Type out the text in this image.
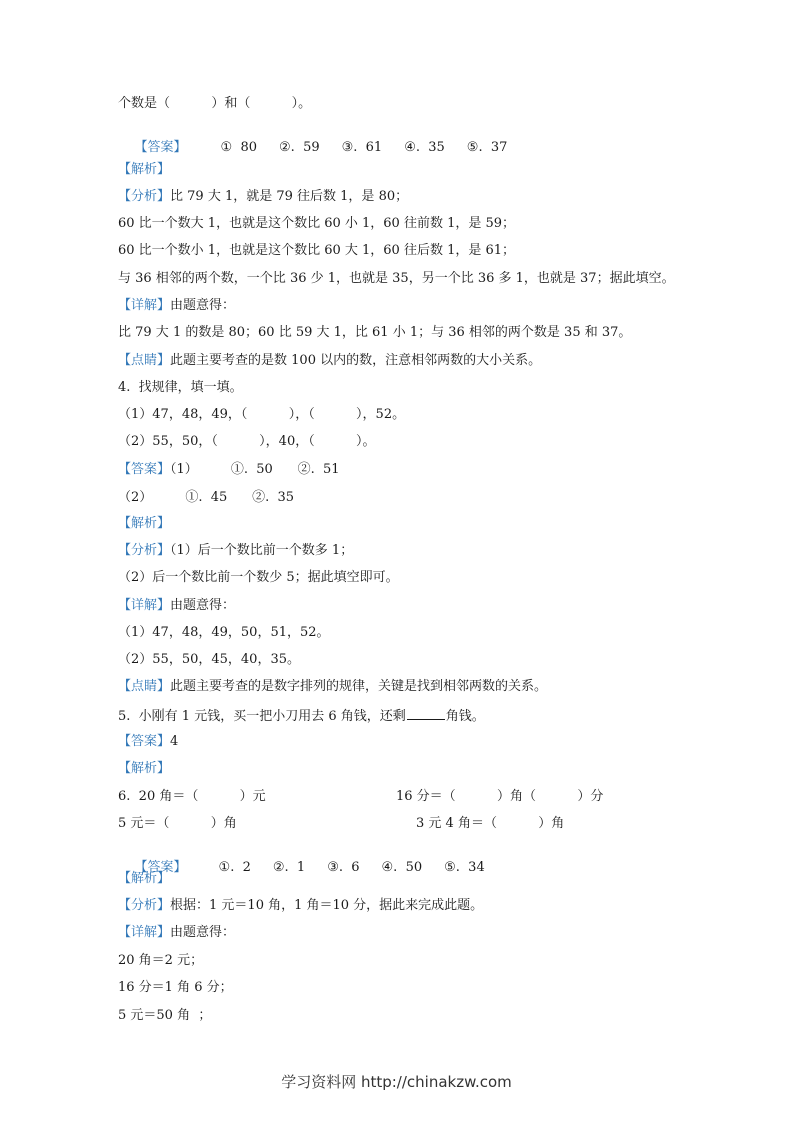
个数是（          ）和（          ）。

【答案】	①  80 ②.  59 ③.  61 ④.  35 ⑤.  37

【解析】
【分析】比 79 大 1，就是 79 往后数 1，是 80；
60 比一个数大 1，也就是这个数比 60 小 1，60 往前数 1，是 59；
60 比一个数小 1，也就是这个数比 60 大 1，60 往后数 1，是 61；
与 36 相邻的两个数，一个比 36 少 1，也就是 35，另一个比 36 多 1，也就是 37；据此填空。
【详解】由题意得：
比 79 大 1 的数是 80；60 比 59 大 1，比 61 小 1；与 36 相邻的两个数是 35 和 37。
【点睛】此题主要考查的是数 100 以内的数，注意相邻两数的大小关系。
4.  找规律，填一填。
（1）47，48，49，（          ），（          ），52。
（2）55，50，（          ），40，（          ）。
【答案】（1）        ①.  50      ②.  51
（2）        ①.  45      ②.  35
【解析】
【分析】（1）后一个数比前一个数多 1；
（2）后一个数比前一个数少 5；据此填空即可。
【详解】由题意得：
（1）47，48，49，50，51，52。
（2）55，50，45，40，35。
【点睛】此题主要考查的是数字排列的规律，关键是找到相邻两数的关系。
5.  小刚有 1 元钱，买一把小刀用去 6 角钱，还剩	角钱。
【答案】4
【解析】
6.  20 角＝（          ）元	16 分＝（          ）角（          ）分
5 元＝（          ）角	3 元 4 角＝（          ）角

【答案】 ①.  2 ②.  1 ③.  6 ④.  50 ⑤.  34

【解析】
【分析】根据：1 元＝10 角，1 角＝10 分，据此来完成此题。
【详解】由题意得：
20 角＝2 元；
16 分＝1 角 6 分；
5 元＝50 角  ；
学习资料网 http://chinakzw.com
